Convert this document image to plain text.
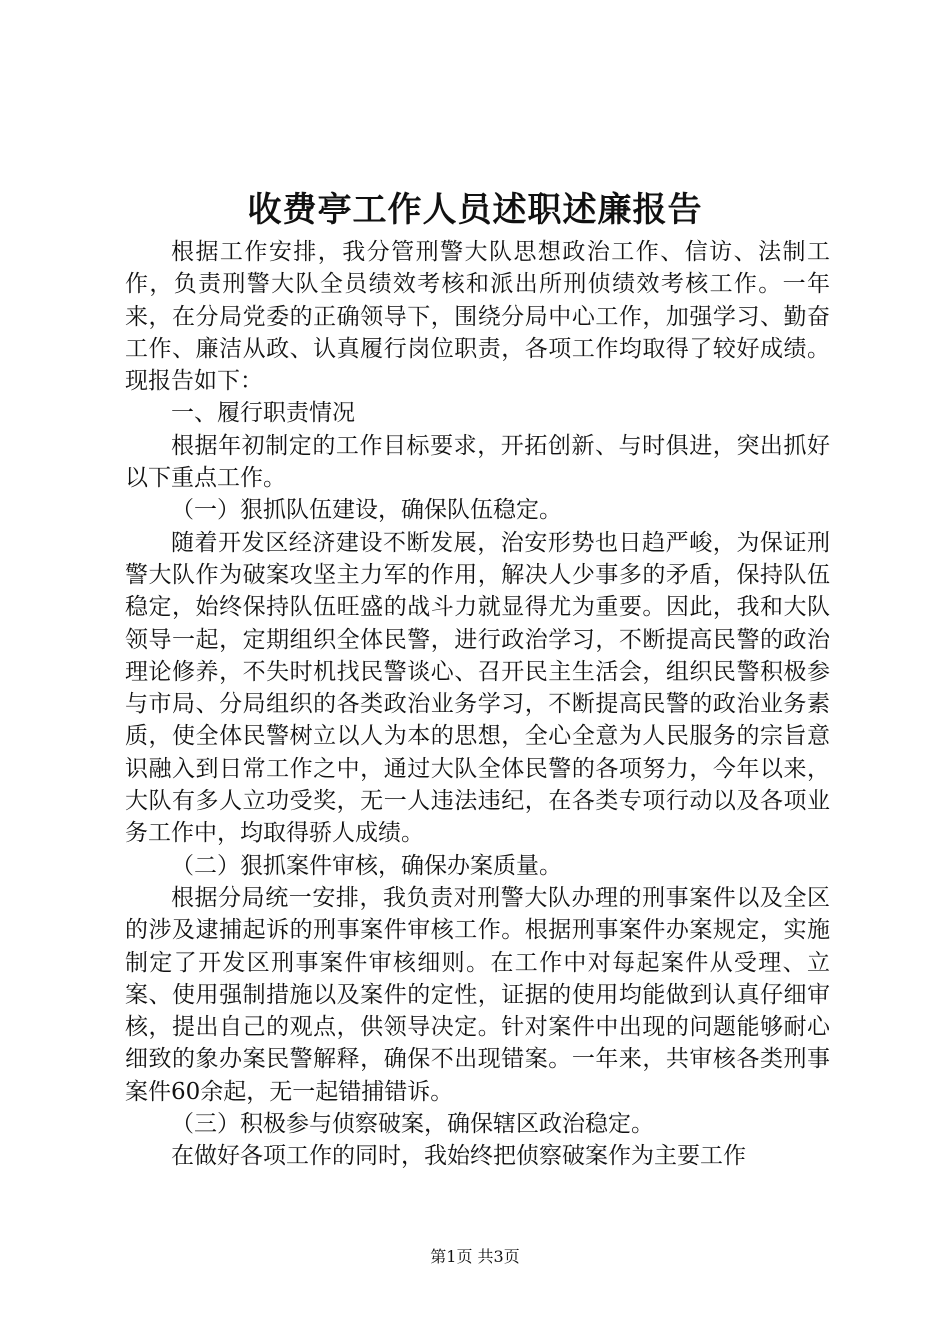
收费亭工作人员述职述廉报告

根据工作安排，我分管刑警大队思想政治工作、信访、法制工作，负责刑警大队全员绩效考核和派出所刑侦绩效考核工作。一年来，在分局党委的正确领导下，围绕分局中心工作，加强学习、勤奋工作、廉洁从政、认真履行岗位职责，各项工作均取得了较好成绩。现报告如下：

一、履行职责情况

根据年初制定的工作目标要求，开拓创新、与时俱进，突出抓好以下重点工作。

（一）狠抓队伍建设，确保队伍稳定。

随着开发区经济建设不断发展，治安形势也日趋严峻，为保证刑警大队作为破案攻坚主力军的作用，解决人少事多的矛盾，保持队伍稳定，始终保持队伍旺盛的战斗力就显得尤为重要。因此，我和大队领导一起，定期组织全体民警，进行政治学习，不断提高民警的政治理论修养，不失时机找民警谈心、召开民主生活会，组织民警积极参与市局、分局组织的各类政治业务学习，不断提高民警的政治业务素质，使全体民警树立以人为本的思想，全心全意为人民服务的宗旨意识融入到日常工作之中，通过大队全体民警的各项努力，今年以来，大队有多人立功受奖，无一人违法违纪，在各类专项行动以及各项业务工作中，均取得骄人成绩。

（二）狠抓案件审核，确保办案质量。

根据分局统一安排，我负责对刑警大队办理的刑事案件以及全区的涉及逮捕起诉的刑事案件审核工作。根据刑事案件办案规定，实施制定了开发区刑事案件审核细则。在工作中对每起案件从受理、立案、使用强制措施以及案件的定性，证据的使用均能做到认真仔细审核，提出自己的观点，供领导决定。针对案件中出现的问题能够耐心细致的象办案民警解释，确保不出现错案。一年来，共审核各类刑事案件60余起，无一起错捕错诉。

（三）积极参与侦察破案，确保辖区政治稳定。

在做好各项工作的同时，我始终把侦察破案作为主要工作

第1页 共3页
